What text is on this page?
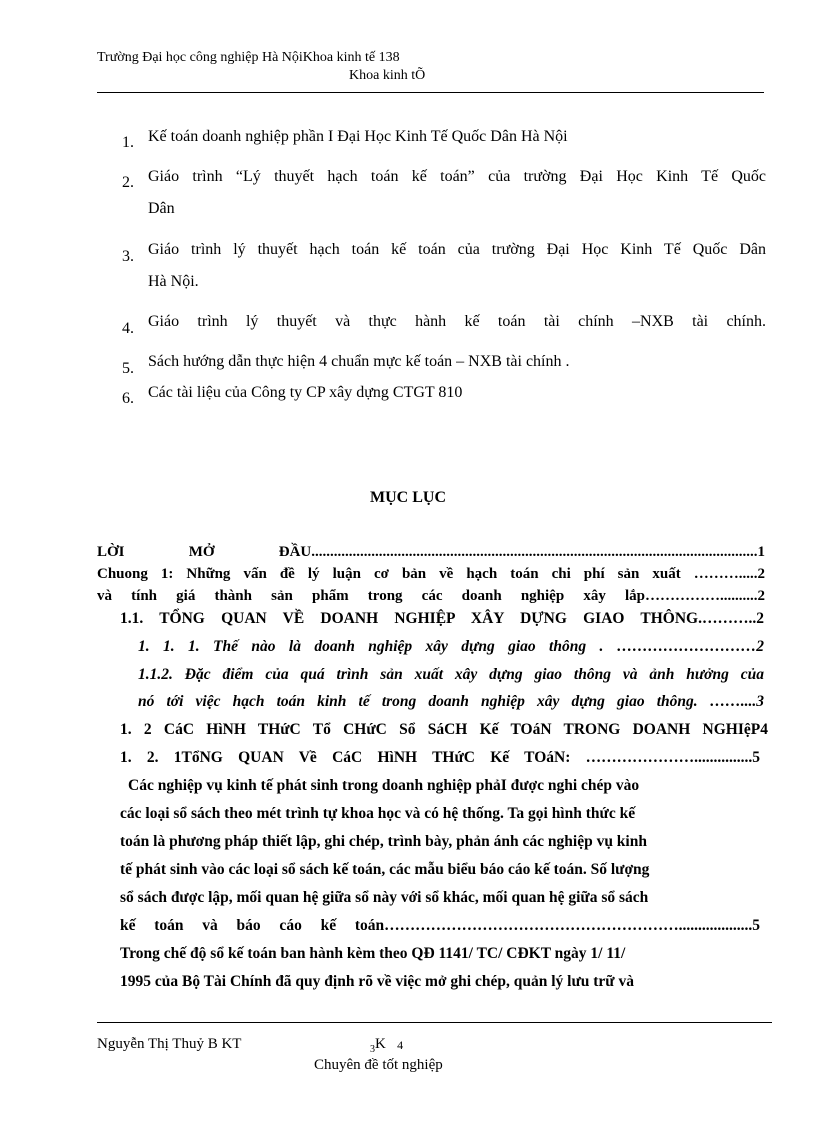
Trường Đại học công nghiệp Hà NộiKhoa kinh tế 138
Khoa kinh tÕ
1. Kế toán doanh nghiệp phần I Đại Học Kinh Tế Quốc Dân Hà Nội
2. Giáo trình “Lý thuyết hạch toán kế toán” của trường Đại Học Kinh Tế Quốc
Dân
3. Giáo trình lý thuyết hạch toán kế toán của trường Đại Học Kinh Tế Quốc Dân
Hà Nội.
4. Giáo trình lý thuyết và thực hành kế toán tài chính –NXB tài chính.
5. Sách hướng dẫn thực hiện 4 chuẩn mực kế toán – NXB tài chính .
6. Các tài liệu của Công ty CP xây dựng CTGT 810
MỤC LỤC
LỜI MỞ ĐẦU.......................................................................................................................1
Chuong 1: Những vấn đề lý luận cơ bản về hạch toán chi phí sản xuất ……….....2
và tính giá thành sản phẩm trong các doanh nghiệp xây lắp……………..........2
1.1. TỔNG QUAN VỀ DOANH NGHIỆP XÂY DỰNG GIAO THÔNG.………..2
1. 1. 1. Thế nào là doanh nghiệp xây dựng giao thông . ………………………2
1.1.2. Đặc điểm của quá trình sản xuất xây dựng giao thông và ảnh hưởng của
nó tới việc hạch toán kinh tế trong doanh nghiệp xây dựng giao thông. ……....3
1. 2 CáC HìNH THứC Tổ CHứC Sổ SáCH Kế TOáN TRONG DOANH NGHIệP4
1. 2. 1TổNG QUAN Về CáC HìNH THứC Kế TOáN: …………………...............5
Các nghiệp vụ kinh tế phát sinh trong doanh nghiệp phảI được nghi chép vào
các loại sổ sách theo mét trình tự khoa học và có hệ thống. Ta gọi hình thức kế
toán là phương pháp thiết lập, ghi chép, trình bày, phản ánh các nghiệp vụ kinh
tế phát sinh vào các loại sổ sách kế toán, các mẫu biểu báo cáo kế toán. Số lượng
sổ sách được lập, mối quan hệ giữa sổ này với sổ khác, mối quan hệ giữa sổ sách
kế toán và báo cáo kế toán…………………………………………………...................5
Trong chế độ sổ kế toán ban hành kèm theo QĐ 1141/ TC/ CĐKT ngày 1/ 11/
1995 của Bộ Tài Chính đã quy định rõ về việc mở ghi chép, quản lý lưu trữ và
Nguyễn Thị Thuỷ B KT	$_3$K 4
Chuyên đề tốt nghiệp
